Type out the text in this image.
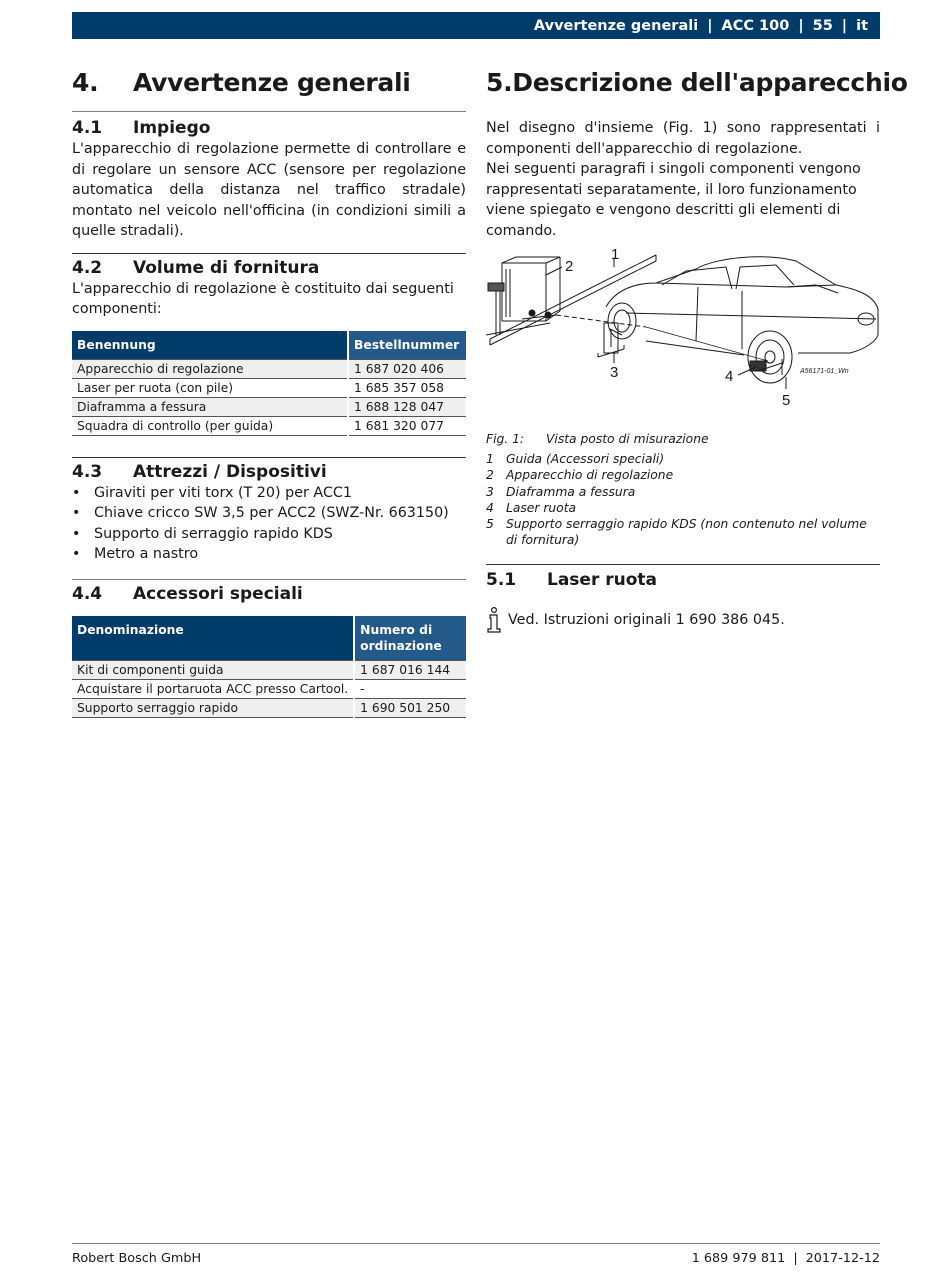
Avvertenze generali | ACC 100 | 55 | it
4.	Avvertenze generali
4.1	Impiego

L'apparecchio di regolazione permette di controllare e di regolare un sensore ACC (sensore per regolazione automatica della distanza nel traffico stradale) montato nel veicolo nell'officina (in condizioni simili a quelle stradali).

4.2	Volume di fornitura

L'apparecchio di regolazione è costituito dai seguenti componenti:

Benennung	Bestellnummer
Apparecchio di regolazione	1 687 020 406
Laser per ruota (con pile)	1 685 357 058
Diaframma a fessura	1 688 128 047
Squadra di controllo (per guida)	1 681 320 077
4.3	Attrezzi / Dispositivi
• Giraviti per viti torx (T 20) per ACC1
• Chiave cricco SW 3,5 per ACC2 (SWZ-Nr. 663150)
• Supporto di serraggio rapido KDS
• Metro a nastro
4.4	Accessori speciali
Denominazione	Numero di ordinazione
Kit di componenti guida	1 687 016 144
Acquistare il portaruota ACC presso Cartool.	-
Supporto serraggio rapido	1 690 501 250
5. Descrizione dell'apparecchio

Nel disegno d'insieme (Fig. 1) sono rappresentati i componenti dell'apparecchio di regolazione.

Nei seguenti paragrafi i singoli componenti vengono rappresentati separatamente, il loro funzionamento viene spiegato e vengono descritti gli elementi di comando.

1
2
3	4
5
A56171-01_Wn
Fig. 1: Vista posto di misurazione
1 Guida (Accessori speciali)
2 Apparecchio di regolazione
3 Diaframma a fessura
4 Laser ruota
5 Supporto serraggio rapido KDS (non contenuto nel volume di fornitura)
5.1	Laser ruota
Ved. Istruzioni originali 1 690 386 045.
Robert Bosch GmbH	1 689 979 811 | 2017-12-12
